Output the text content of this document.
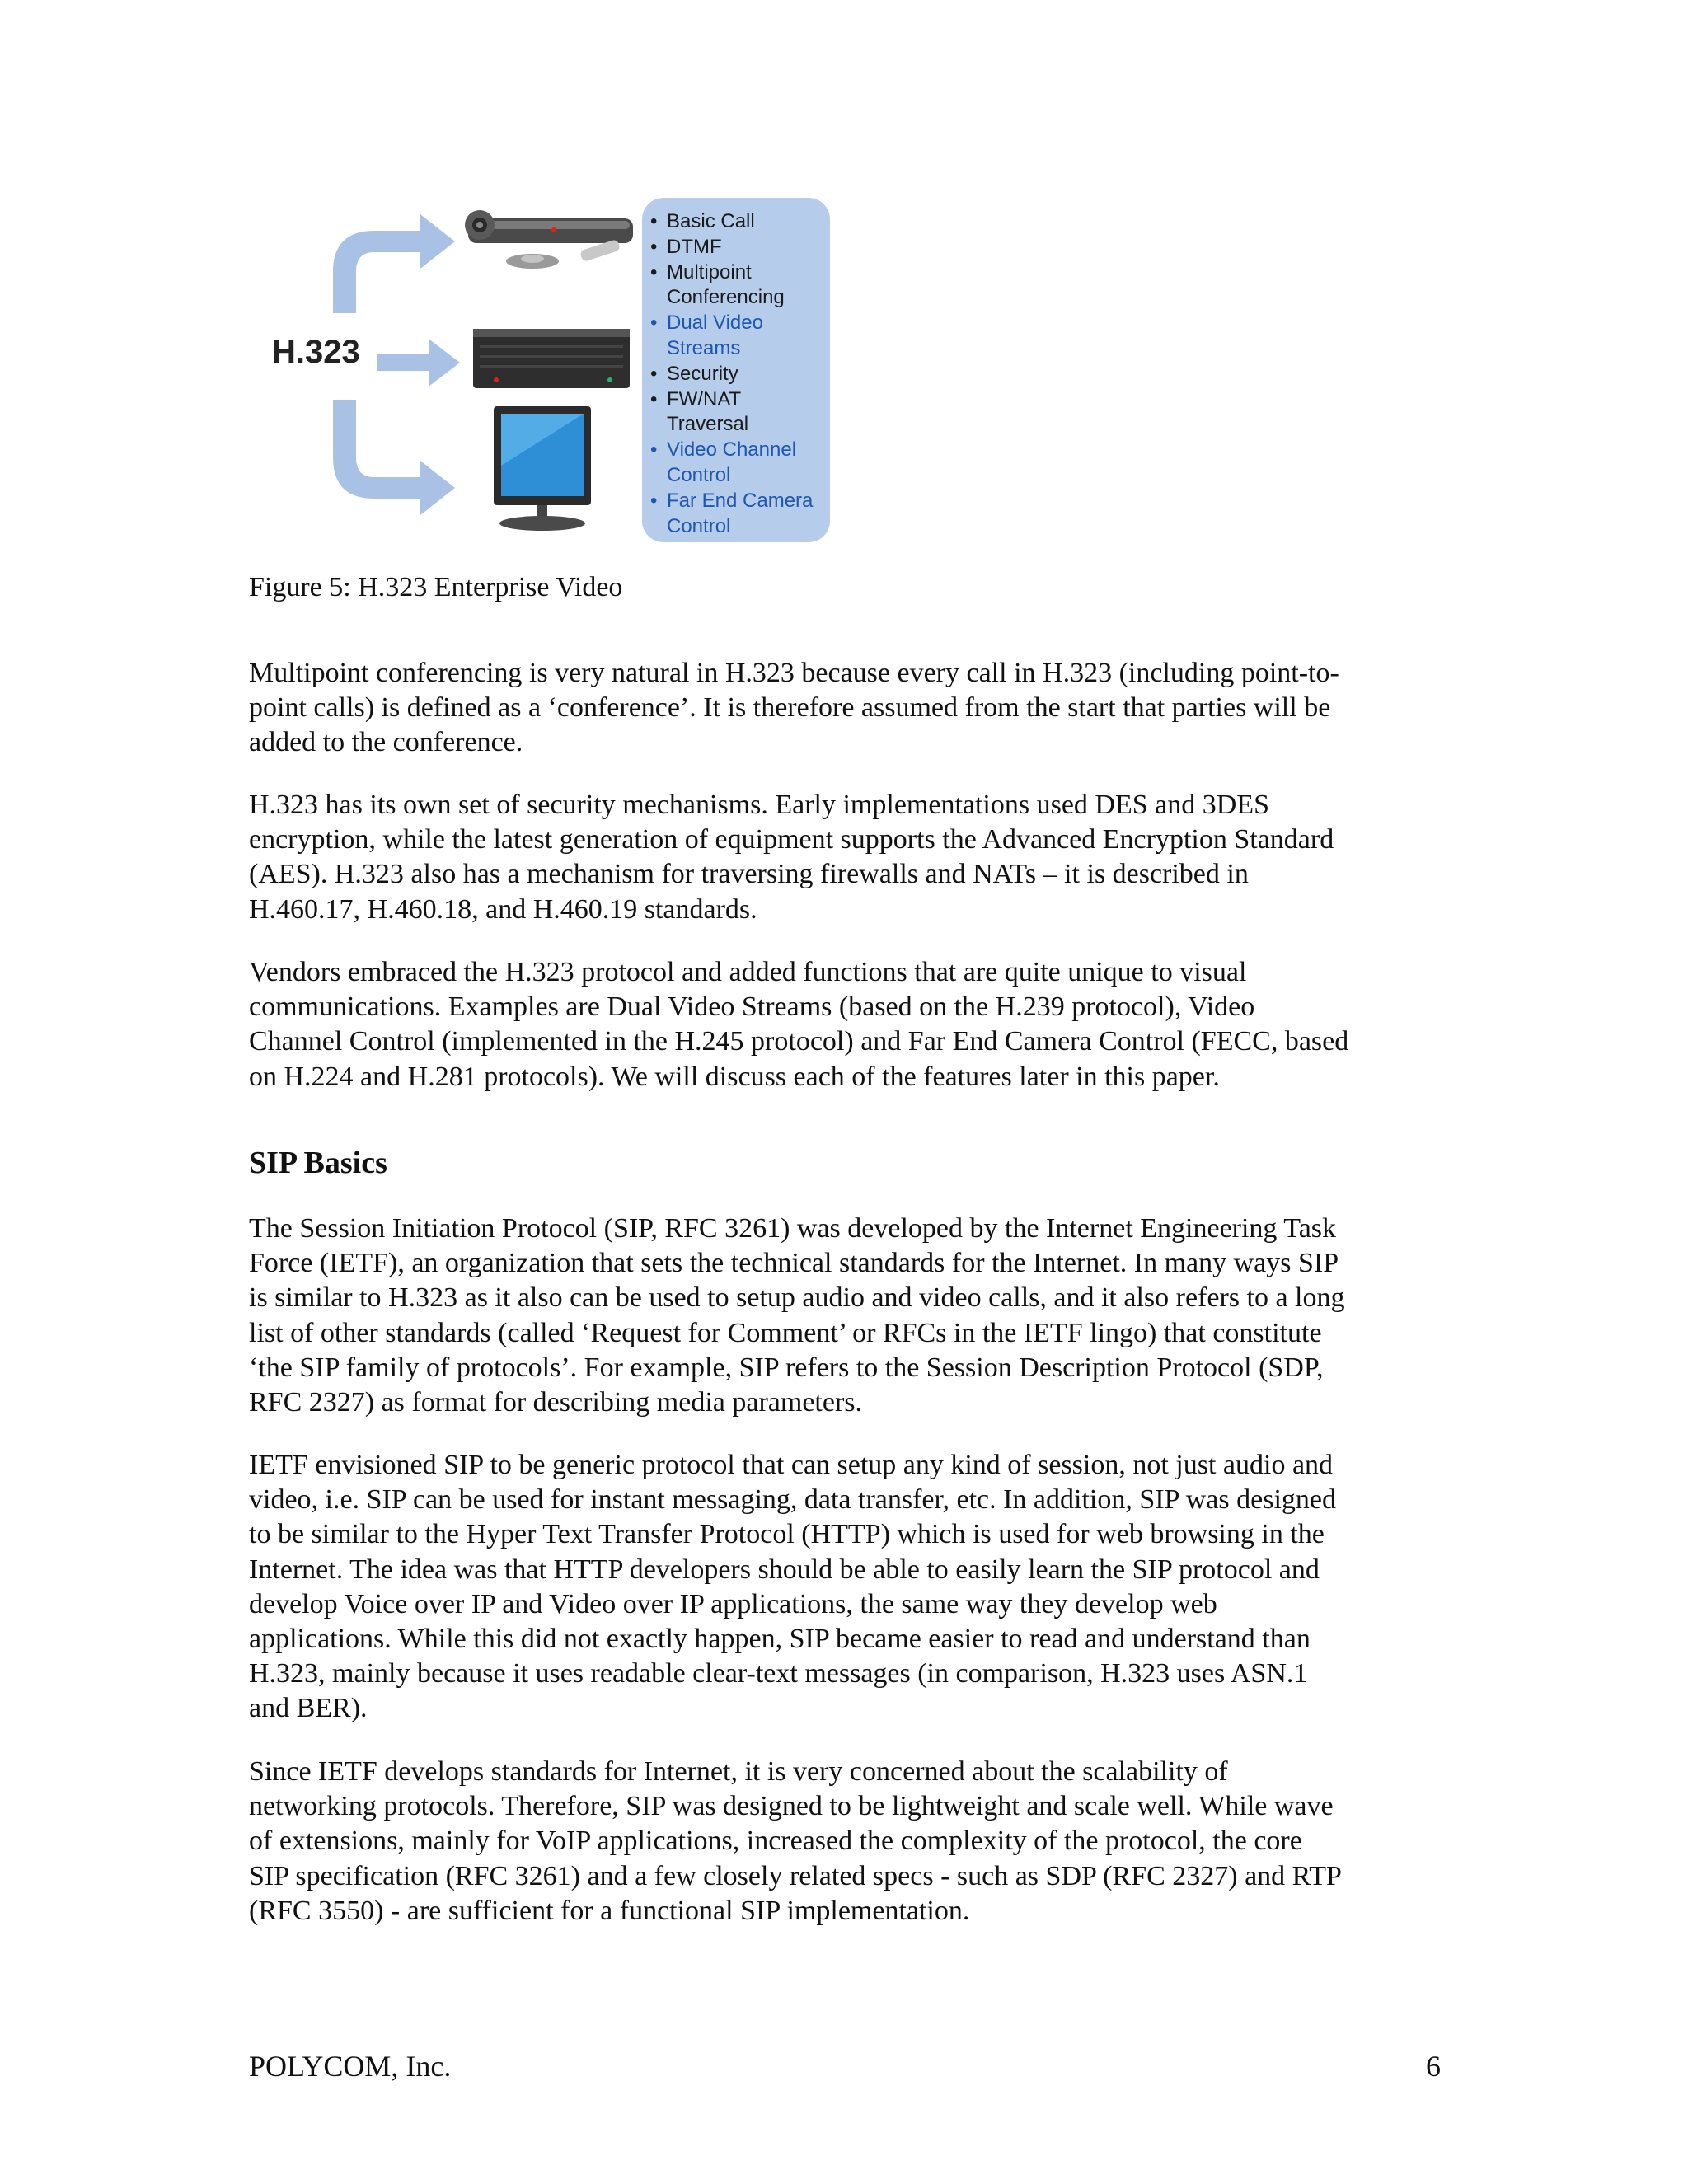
H.323
• Basic Call
• DTMF
• Multipoint
Conferencing
• Dual Video
Streams
• Security
• FW/NAT
Traversal
• Video Channel
Control
• Far End Camera
Control
Figure 5: H.323 Enterprise Video

Multipoint conferencing is very natural in H.323 because every call in H.323 (including point-to-
point calls) is defined as a ‘conference’. It is therefore assumed from the start that parties will be
added to the conference.

H.323 has its own set of security mechanisms. Early implementations used DES and 3DES
encryption, while the latest generation of equipment supports the Advanced Encryption Standard
(AES). H.323 also has a mechanism for traversing firewalls and NATs – it is described in
H.460.17, H.460.18, and H.460.19 standards.

Vendors embraced the H.323 protocol and added functions that are quite unique to visual
communications. Examples are Dual Video Streams (based on the H.239 protocol), Video
Channel Control (implemented in the H.245 protocol) and Far End Camera Control (FECC, based
on H.224 and H.281 protocols). We will discuss each of the features later in this paper.

SIP Basics

The Session Initiation Protocol (SIP, RFC 3261) was developed by the Internet Engineering Task
Force (IETF), an organization that sets the technical standards for the Internet. In many ways SIP
is similar to H.323 as it also can be used to setup audio and video calls, and it also refers to a long
list of other standards (called ‘Request for Comment’ or RFCs in the IETF lingo) that constitute
‘the SIP family of protocols’. For example, SIP refers to the Session Description Protocol (SDP,
RFC 2327) as format for describing media parameters.

IETF envisioned SIP to be generic protocol that can setup any kind of session, not just audio and
video, i.e. SIP can be used for instant messaging, data transfer, etc. In addition, SIP was designed
to be similar to the Hyper Text Transfer Protocol (HTTP) which is used for web browsing in the
Internet. The idea was that HTTP developers should be able to easily learn the SIP protocol and
develop Voice over IP and Video over IP applications, the same way they develop web
applications. While this did not exactly happen, SIP became easier to read and understand than
H.323, mainly because it uses readable clear-text messages (in comparison, H.323 uses ASN.1
and BER).

Since IETF develops standards for Internet, it is very concerned about the scalability of
networking protocols. Therefore, SIP was designed to be lightweight and scale well. While wave
of extensions, mainly for VoIP applications, increased the complexity of the protocol, the core
SIP specification (RFC 3261) and a few closely related specs - such as SDP (RFC 2327) and RTP
(RFC 3550) - are sufficient for a functional SIP implementation.

POLYCOM, Inc.	6
